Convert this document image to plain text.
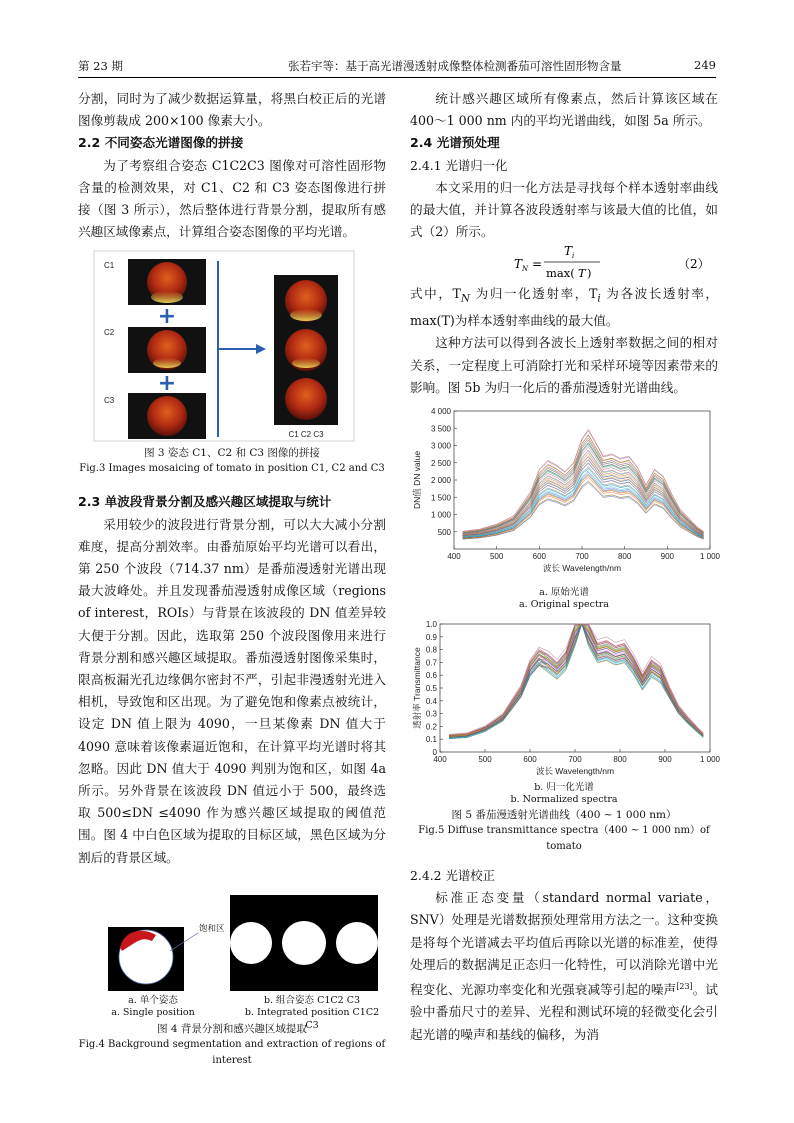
第 23 期	张若宇等：基于高光谱漫透射成像整体检测番茄可溶性固形物含量	249

分割，同时为了减少数据运算量，将黑白校正后的光谱图像剪裁成 200×100 像素大小。

2.2 不同姿态光谱图像的拼接

为了考察组合姿态 C1C2C3 图像对可溶性固形物含量的检测效果，对 C1、C2 和 C3 姿态图像进行拼接（图 3 所示），然后整体进行背景分割，提取所有感兴趣区域像素点，计算组合姿态图像的平均光谱。

C1
C2
C3
+
+
C1 C2 C3
图 3 姿态 C1、C2 和 C3 图像的拼接
Fig.3 Images mosaicing of tomato in position C1, C2 and C3
2.3 单波段背景分割及感兴趣区域提取与统计

采用较少的波段进行背景分割，可以大大减小分割难度，提高分割效率。由番茄原始平均光谱可以看出，第 250 个波段（714.37 nm）是番茄漫透射光谱出现最大波峰处。并且发现番茄漫透射成像区域（regions of interest，ROIs）与背景在该波段的 DN 值差异较大便于分割。因此，选取第 250 个波段图像用来进行背景分割和感兴趣区域提取。番茄漫透射图像采集时，限高板漏光孔边缘偶尔密封不严，引起非漫透射光进入相机，导致饱和区出现。为了避免饱和像素点被统计，设定 DN 值上限为 4090，一旦某像素 DN 值大于 4090 意味着该像素逼近饱和，在计算平均光谱时将其忽略。因此 DN 值大于 4090 判别为饱和区，如图 4a 所示。另外背景在该波段 DN 值远小于 500，最终选取 500≤DN ≤4090 作为感兴趣区域提取的阈值范围。图 4 中白色区域为提取的目标区域，黑色区域为分割后的背景区域。

饱和区
a. 单个姿态
a. Single position
b. 组合姿态 C1C2 C3
b. Integrated position C1C2 C3
图 4 背景分割和感兴趣区域提取
Fig.4 Background segmentation and extraction of regions of interest

统计感兴趣区域所有像素点，然后计算该区域在 400～1 000 nm 内的平均光谱曲线，如图 5a 所示。

2.4 光谱预处理
2.4.1 光谱归一化

本文采用的归一化方法是寻找每个样本透射率曲线的最大值，并计算各波段透射率与该最大值的比值，如式（2）所示。

T N =
T i
max( T )
（2）

式中，$T_N$ 为归一化透射率，$T_i$ 为各波长透射率，max(T)为样本透射率曲线的最大值。

这种方法可以得到各波长上透射率数据之间的相对关系，一定程度上可消除打光和采样环境等因素带来的影响。图 5b 为归一化后的番茄漫透射光谱曲线。

400	500	600	700	800	900	1 000
500
1 000
1 500
2 000
2 500
3 000
3 500
4 000
波长 Wavelength/nm
DN值 DN value
a. 原始光谱
a. Original spectra
400	500	600	700	800	900	1 000
0
0.1
0.2
0.3
0.4
0.5
0.6
0.7
0.8
0.9
1.0
波长 Wavelength/nm
透射率 Transmittance
b. 归一化光谱
b. Normalized spectra
图 5 番茄漫透射光谱曲线（400 ~ 1 000 nm）
Fig.5 Diffuse transmittance spectra（400 ~ 1 000 nm）of tomato
2.4.2 光谱校正

标准正态变量（standard normal variate，SNV）处理是光谱数据预处理常用方法之一。这种变换是将每个光谱减去平均值后再除以光谱的标准差，使得处理后的数据满足正态归一化特性，可以消除光谱中光程变化、光源功率变化和光强衰减等引起的噪声[23]。试验中番茄尺寸的差异、光程和测试环境的轻微变化会引起光谱的噪声和基线的偏移，为消
